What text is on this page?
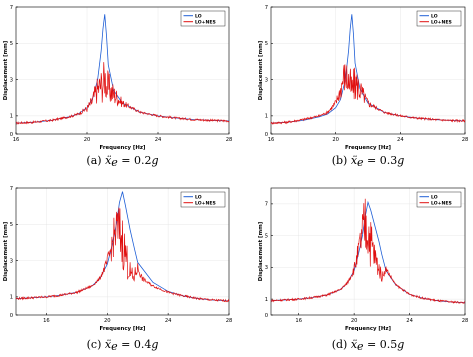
16	20	24	28
0
1
3
5
7
Frequency [Hz]
Displacement [mm]
LO
LO+NES
(a) ẍe = 0.2g
16	20	24	28
0
1
3
5
7
Frequency [Hz]
Displacement [mm]
LO
LO+NES
(b) ẍe = 0.3g
16	20	24	28
0
1
3
5
7
Frequency [Hz]
Displacement [mm]
LO
LO+NES
(c) ẍe = 0.4g
16	20	24	28
0
1
3
5
7
Frequency [Hz]
Displacement [mm]
LO
LO+NES
(d) ẍe = 0.5g
